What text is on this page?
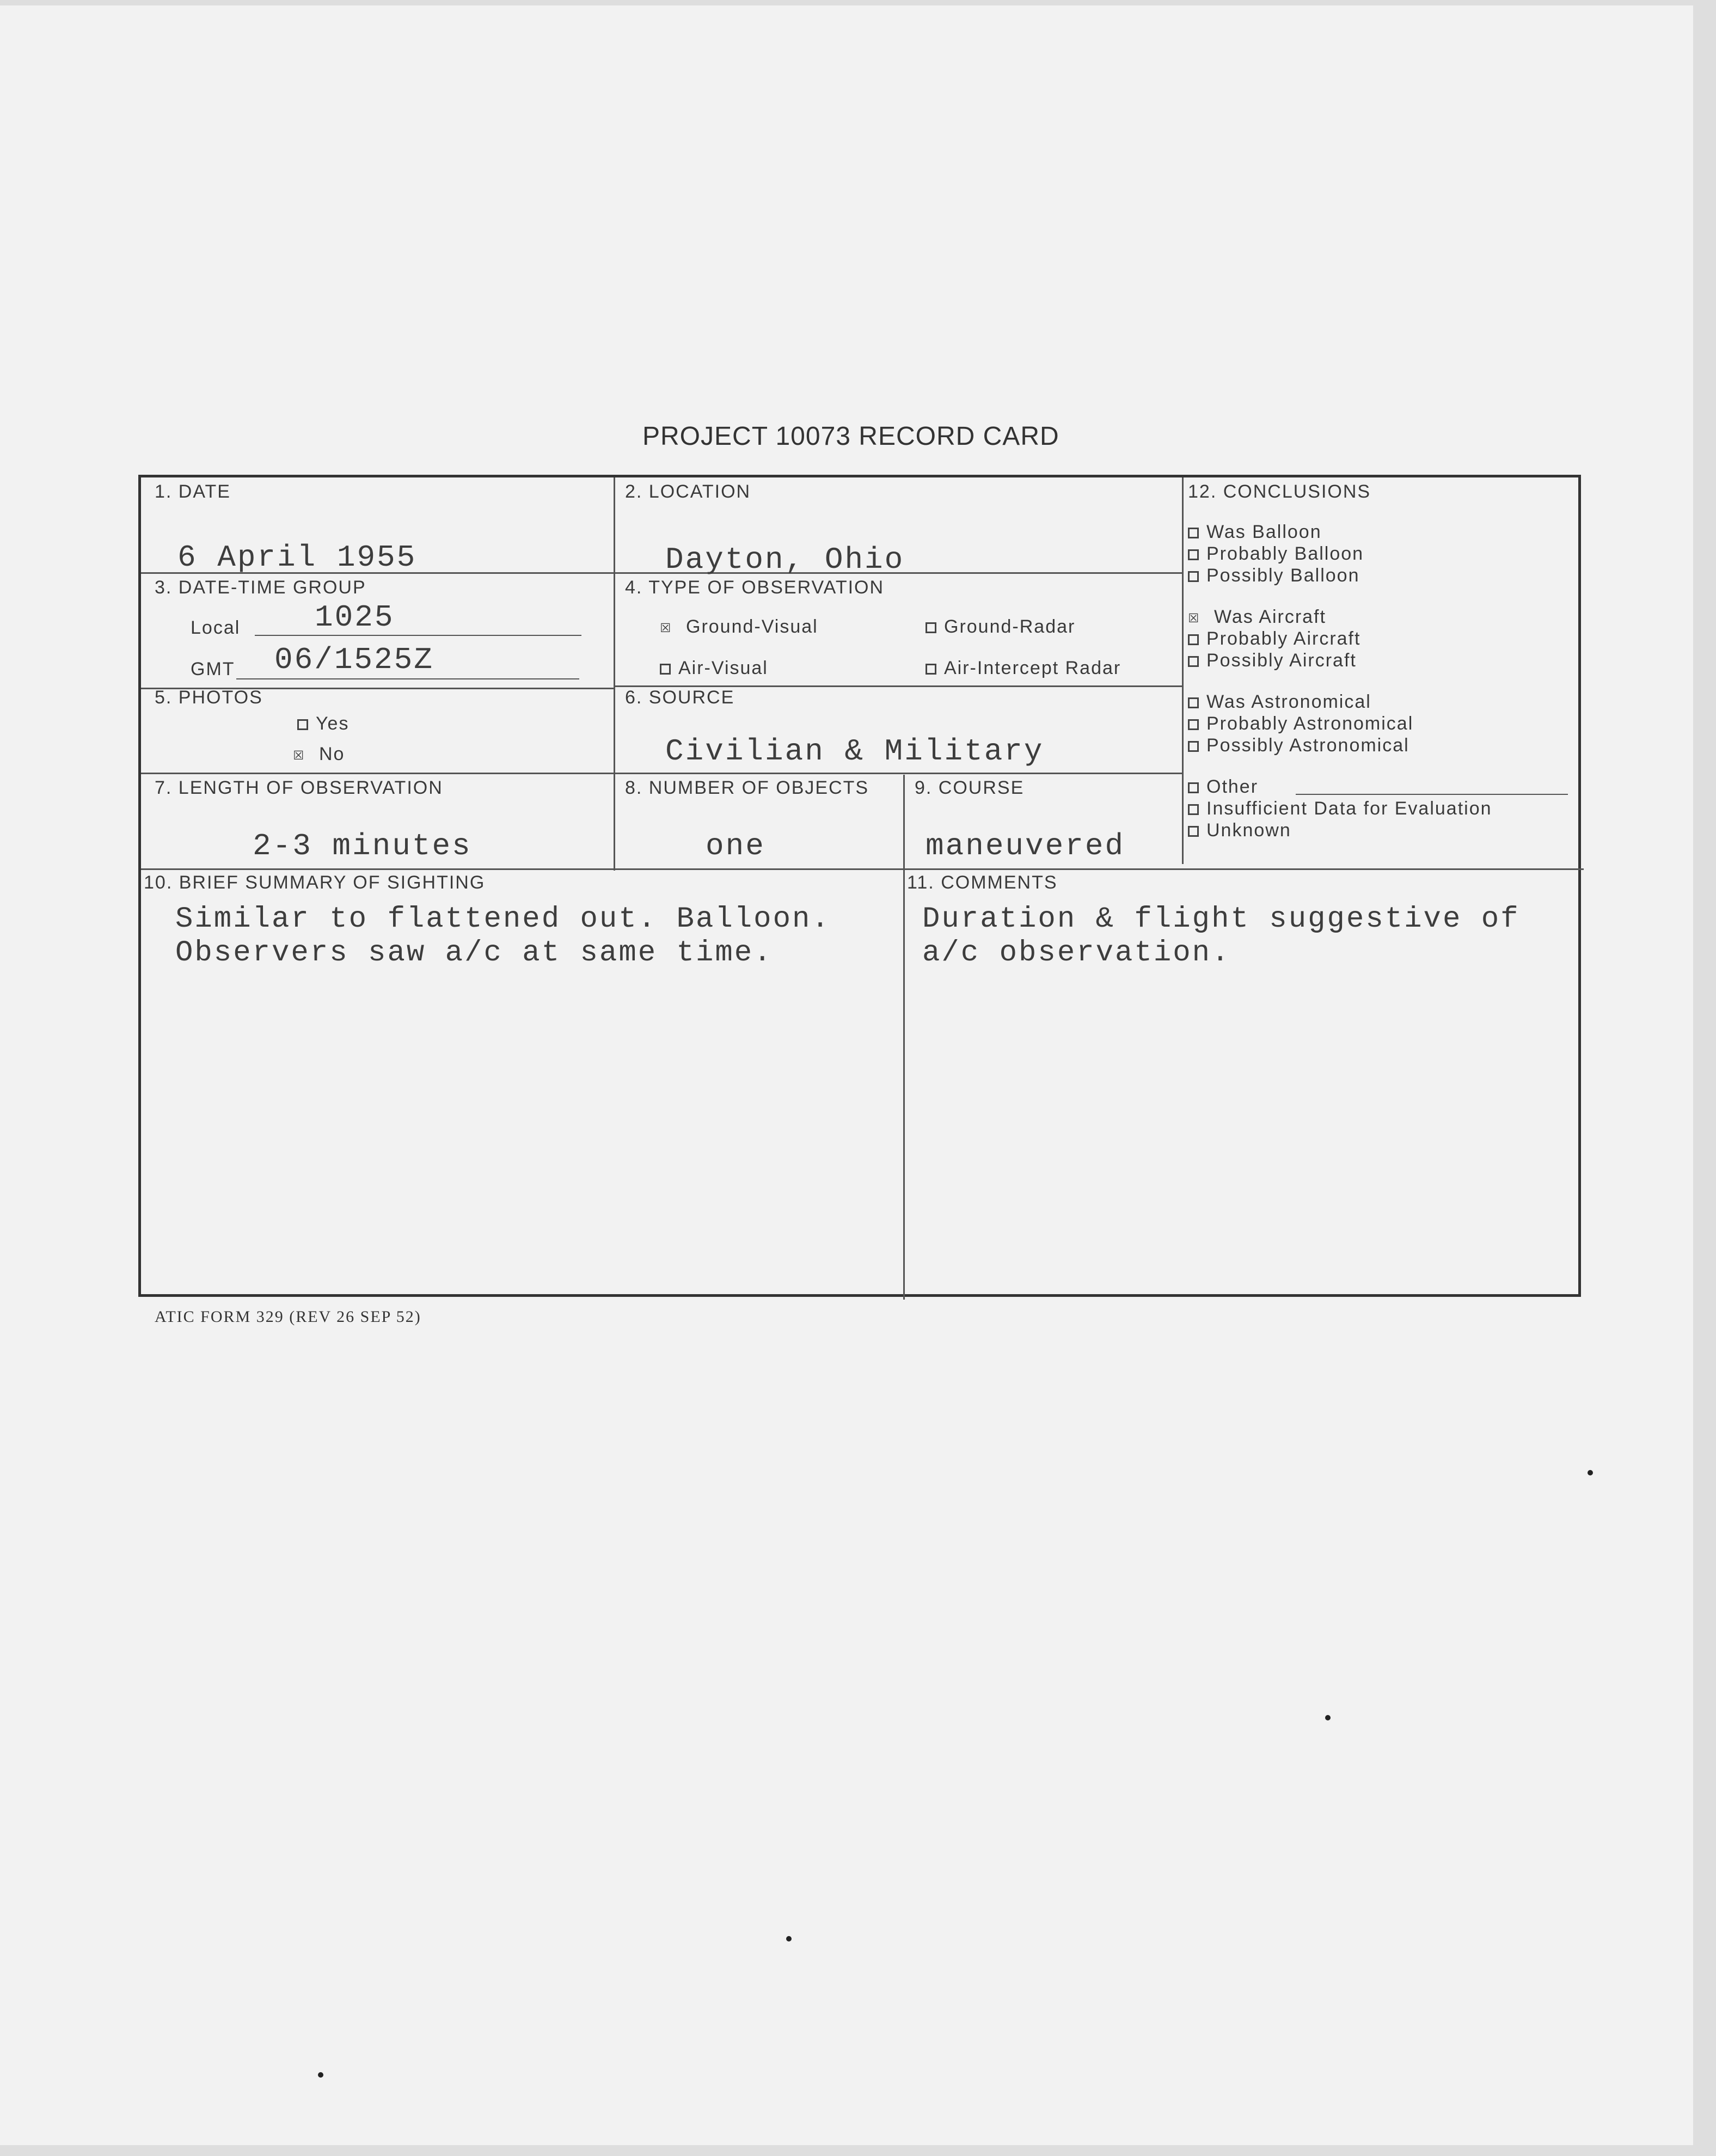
PROJECT 10073 RECORD CARD
1. DATE
6 April 1955
2. LOCATION
Dayton, Ohio
3. DATE-TIME GROUP
Local 1025
GMT 06/1525Z
4. TYPE OF OBSERVATION
☒ Ground-Visual	Ground-Radar
Air-Visual	Air-Intercept Radar
5. PHOTOS
Yes
☒ No
6. SOURCE
Civilian & Military
7. LENGTH OF OBSERVATION
2-3 minutes
8. NUMBER OF OBJECTS
one
9. COURSE
maneuvered
10. BRIEF SUMMARY OF SIGHTING
Similar to flattened out. Balloon.
Observers saw a/c at same time.
11. COMMENTS
Duration & flight suggestive of
a/c observation.
12. CONCLUSIONS
Was Balloon
Probably Balloon
Possibly Balloon
☒ Was Aircraft
Probably Aircraft
Possibly Aircraft
Was Astronomical
Probably Astronomical
Possibly Astronomical
Other
Insufficient Data for Evaluation
Unknown
ATIC FORM 329 (REV 26 SEP 52)
